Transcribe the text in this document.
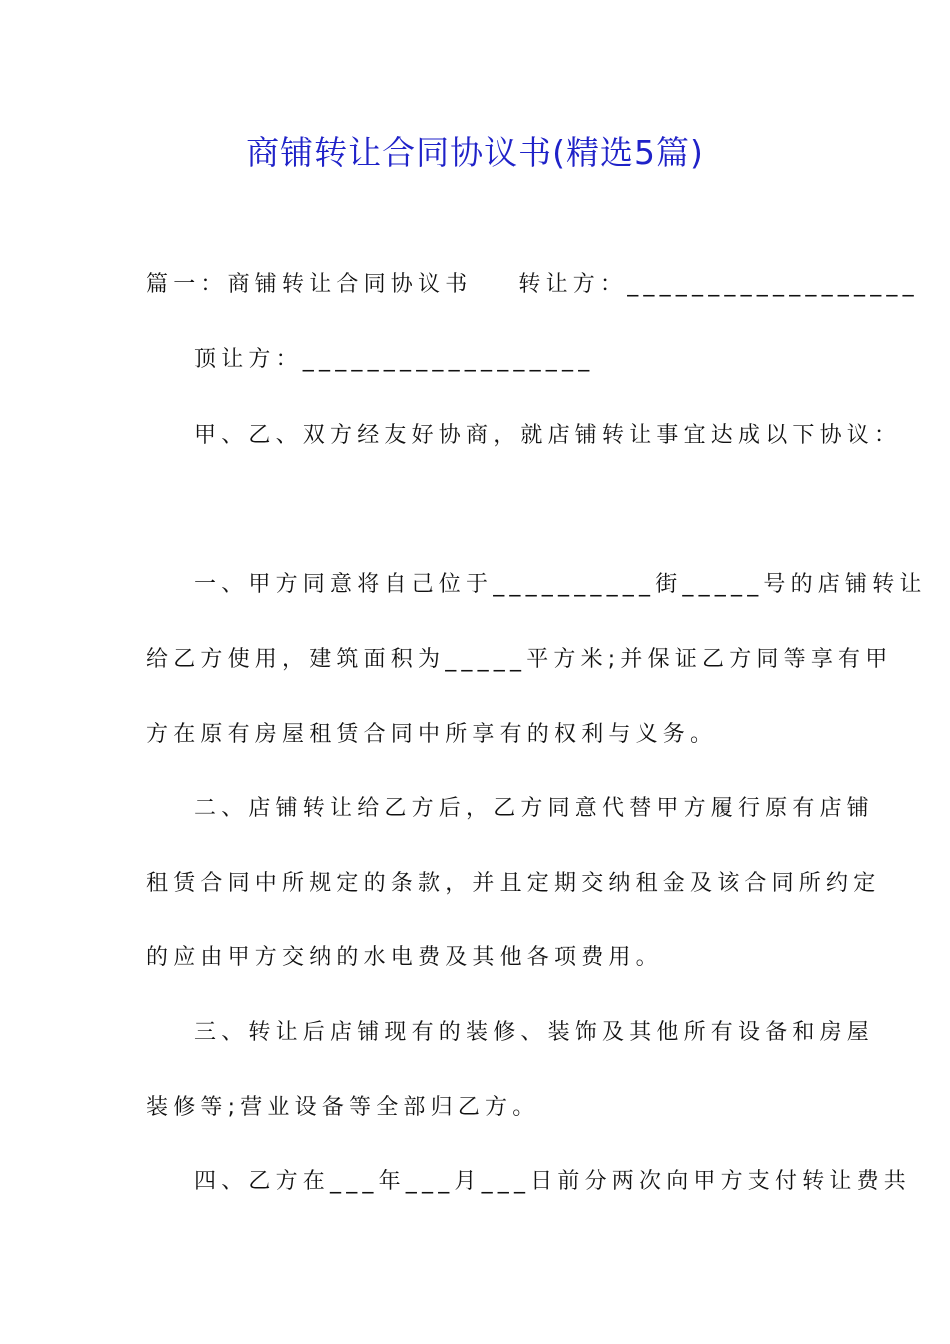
商铺转让合同协议书(精选5篇)
篇一：商铺转让合同协议书 转让方：__________________
顶让方：__________________
甲、乙、双方经友好协商，就店铺转让事宜达成以下协议：
一、甲方同意将自己位于__________街_____号的店铺转让
给乙方使用，建筑面积为_____平方米;并保证乙方同等享有甲
方在原有房屋租赁合同中所享有的权利与义务。
二、店铺转让给乙方后，乙方同意代替甲方履行原有店铺
租赁合同中所规定的条款，并且定期交纳租金及该合同所约定
的应由甲方交纳的水电费及其他各项费用。
三、转让后店铺现有的装修、装饰及其他所有设备和房屋
装修等;营业设备等全部归乙方。
四、乙方在___年___月___日前分两次向甲方支付转让费共
